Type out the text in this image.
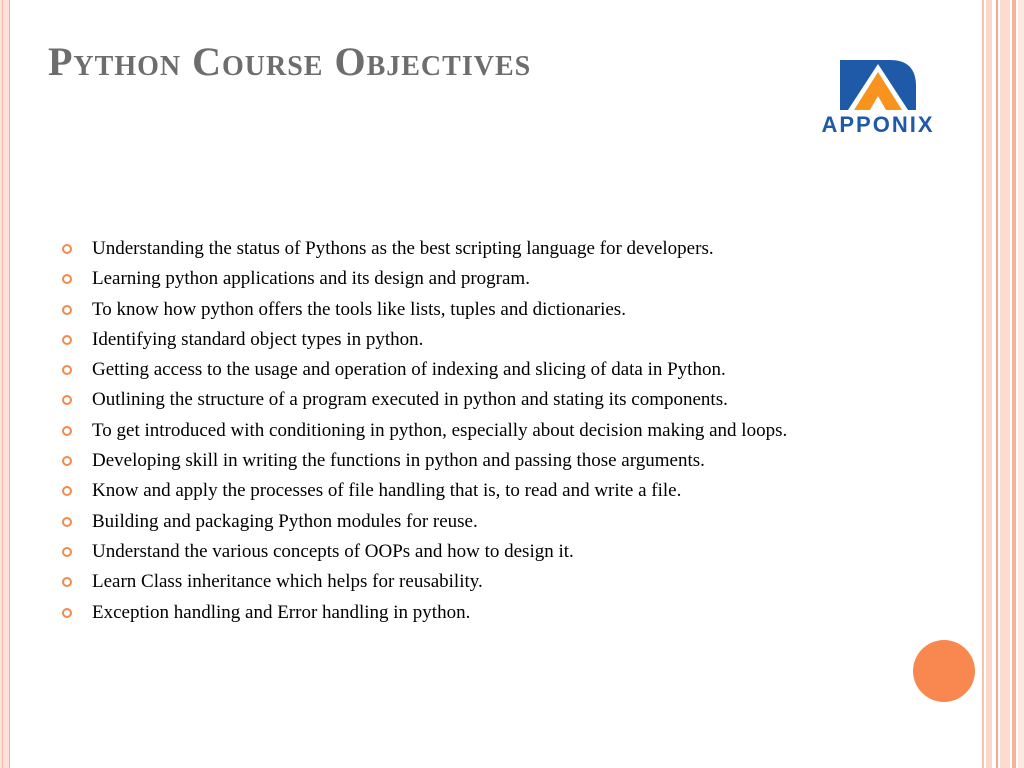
Python Course Objectives
APPONIX
Understanding the status of Pythons as the best scripting language for developers.
Learning python applications and its design and program.
To know how python offers the tools like lists, tuples and dictionaries.
Identifying standard object types in python.
Getting access to the usage and operation of indexing and slicing of data in Python.
Outlining the structure of a program executed in python and stating its components.
To get introduced with conditioning in python, especially about decision making and loops.
Developing skill in writing the functions in python and passing those arguments.
Know and apply the processes of file handling that is, to read and write a file.
Building and packaging Python modules for reuse.
Understand the various concepts of OOPs and how to design it.
Learn Class inheritance which helps for reusability.
Exception handling and Error handling in python.
